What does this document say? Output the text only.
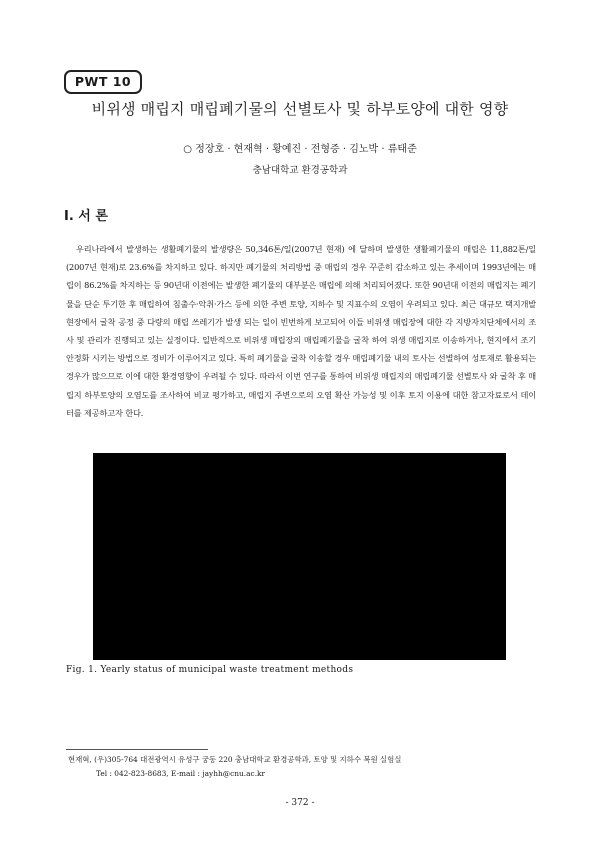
PWT 10
비위생 매립지 매립폐기물의 선별토사 및 하부토양에 대한 영향
○ 정장호 · 현재혁 · 황예진 · 전형증 · 김노박 · 류태준
충남대학교 환경공학과
I. 서 론
우리나라에서 발생하는 생활폐기물의 발생량은 50,346톤/일(2007년 현재) 에 달하며 발생한 생활폐기물의 매립은 11,882톤/일(2007년 현재)로 23.6%를 차지하고 있다. 하지만 폐기물의 처리방법 중 매립의 경우 꾸준히 감소하고 있는 추세이며 1993년에는 매립이 86.2%를 차지하는 등 90년대 이전에는 발생한 폐기물의 대부분은 매립에 의해 처리되어졌다. 또한 90년대 이전의 매립지는 폐기물을 단순 투기한 후 매립하여 침출수·악취·가스 등에 의한 주변 토양, 지하수 및 지표수의 오염이 우려되고 있다. 최근 대규모 택지개발 현장에서 굴착 공정 중 다량의 매립 쓰레기가 발생 되는 일이 빈번하게 보고되어 이들 비위생 매립장에 대한 각 지방자치단체에서의 조사 및 관리가 진행되고 있는 실정이다. 일반적으로 비위생 매립장의 매립폐기물을 굴착 하여 위생 매립지로 이송하거나, 현지에서 조기 안정화 시키는 방법으로 정비가 이루어지고 있다. 특히 폐기물을 굴착 이송할 경우 매립폐기물 내의 토사는 선별하여 성토재로 활용되는 경우가 많으므로 이에 대한 환경영향이 우려될 수 있다. 따라서 이번 연구를 통하여 비위생 매립지의 매립폐기물 선별토사 와 굴착 후 매립지 하부토양의 오염도를 조사하여 비교 평가하고, 매립지 주변으로의 오염 확산 가능성 및 이후 토지 이용에 대한 참고자료로서 데이터를 제공하고자 한다.
Fig. 1. Yearly status of municipal waste treatment methods
현재혁, (우)305-764 대전광역시 유성구 궁동 220 충남대학교 환경공학과, 토양 및 지하수 복원 실험실
Tel : 042-823-8683, E-mail : jayhh@cnu.ac.kr
- 372 -
